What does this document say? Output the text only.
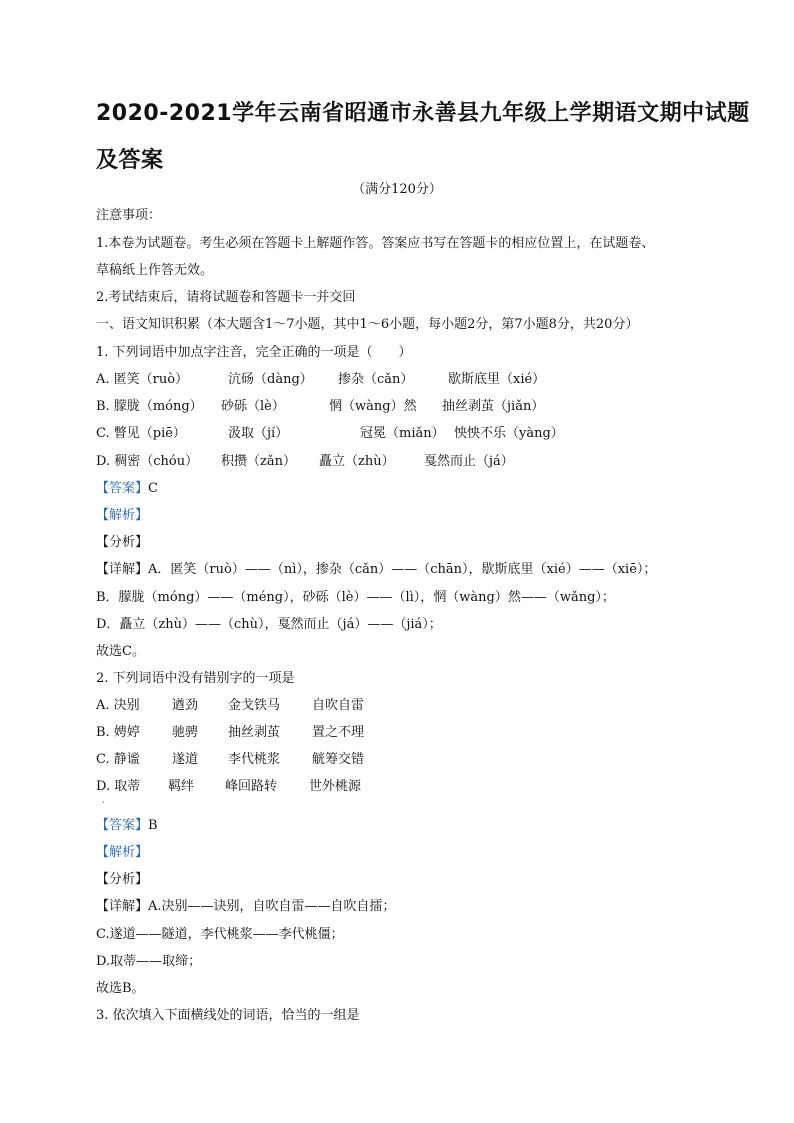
2020-2021学年云南省昭通市永善县九年级上学期语文期中试题
及答案
（满分120分）
注意事项：
1.本卷为试题卷。考生必须在答题卡上解题作答。答案应书写在答题卡的相应位置上，在试题卷、
草稿纸上作答无效。
2.考试结束后，请将试题卷和答题卡一并交回
一、语文知识积累（本大题含1～7小题，其中1～6小题，每小题2分，第7小题8分，共20分）
1. 下列词语中加点字注音，完全正确的一项是（　　）
A. 匿笑（ruò）	沆砀（dàng） 掺杂（cǎn）	歇斯底里（xié）
B. 朦胧（móng） 砂砾（lè）	惘（wàng）然 抽丝剥茧（jiǎn）
C. 瞥见（piē）	汲取（jí）	冠冕（miǎn） 怏怏不乐（yàng）
D. 稠密（chóu） 积攒（zǎn） 矗立（zhù） 戛然而止（já）
【答案】C
【解析】
【分析】
【详解】A．匿笑（ruò）——（nì），掺杂（cǎn）——（chān），歇斯底里（xié）——（xiē）；
B．朦胧（móng）——（méng），砂砾（lè）——（lì），惘（wàng）然——（wǎng）；
D．矗立（zhù）——（chù），戛然而止（já）——（jiá）；
故选C。
2. 下列词语中没有错别字的一项是
A. 决别 遒劲 金戈铁马 自吹自雷
B. 娉婷 驰骋 抽丝剥茧 置之不理
C. 静谧 遂道 李代桃浆 觥筹交错
D. 取蒂 羁绊 峰回路转 世外桃源
·
【答案】B
【解析】
【分析】
【详解】A.决别——诀别，自吹自雷——自吹自擂；
C.遂道——隧道，李代桃浆——李代桃僵；
D.取蒂——取缔；
故选B。
3. 依次填入下面横线处的词语，恰当的一组是
